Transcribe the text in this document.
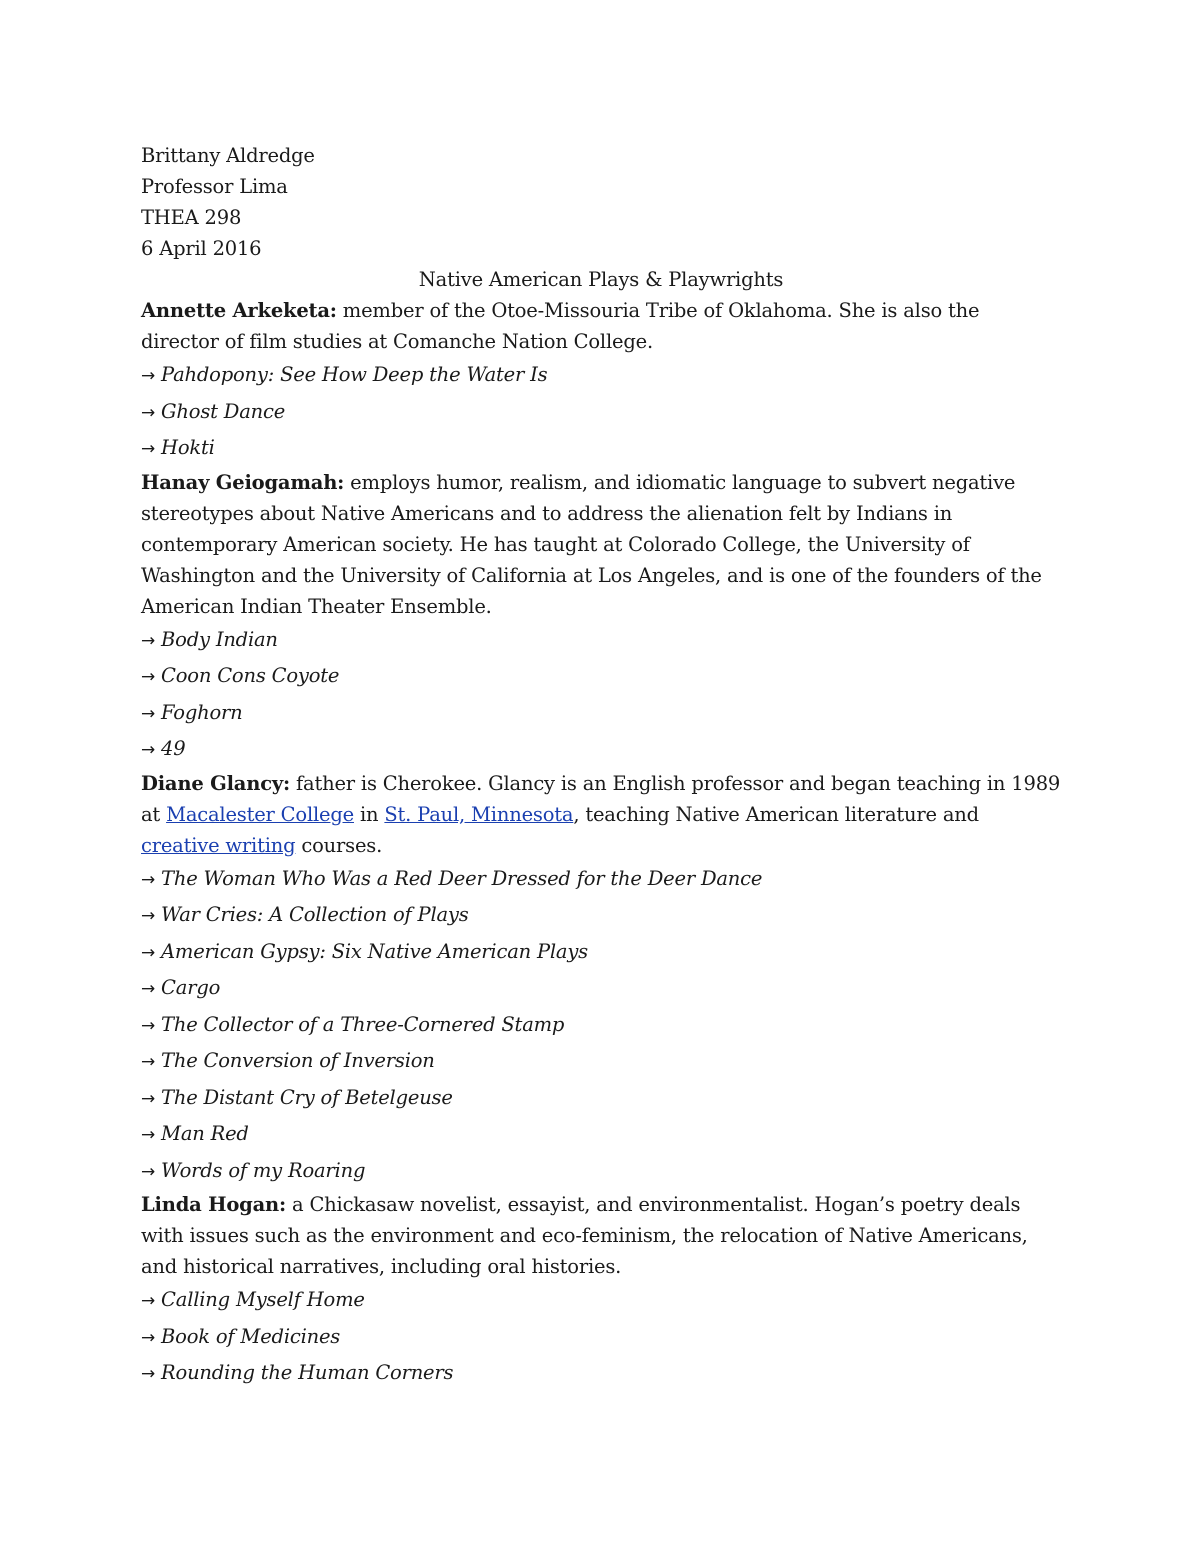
Brittany Aldredge
Professor Lima
THEA 298
6 April 2016
Native American Plays & Playwrights
Annette Arkeketa: member of the Otoe-Missouria Tribe of Oklahoma. She is also the director of film studies at Comanche Nation College.
→ Pahdopony: See How Deep the Water Is
→ Ghost Dance
→ Hokti
Hanay Geiogamah: employs humor, realism, and idiomatic language to subvert negative stereotypes about Native Americans and to address the alienation felt by Indians in contemporary American society. He has taught at Colorado College, the University of Washington and the University of California at Los Angeles, and is one of the founders of the American Indian Theater Ensemble.
→ Body Indian
→ Coon Cons Coyote
→ Foghorn
→ 49
Diane Glancy: father is Cherokee. Glancy is an English professor and began teaching in 1989 at Macalester College in St. Paul, Minnesota, teaching Native American literature and creative writing courses.
→ The Woman Who Was a Red Deer Dressed for the Deer Dance
→ War Cries: A Collection of Plays
→ American Gypsy: Six Native American Plays
→ Cargo
→ The Collector of a Three-Cornered Stamp
→ The Conversion of Inversion
→ The Distant Cry of Betelgeuse
→ Man Red
→ Words of my Roaring
Linda Hogan: a Chickasaw novelist, essayist, and environmentalist. Hogan’s poetry deals with issues such as the environment and eco-feminism, the relocation of Native Americans, and historical narratives, including oral histories.
→ Calling Myself Home
→ Book of Medicines
→ Rounding the Human Corners
